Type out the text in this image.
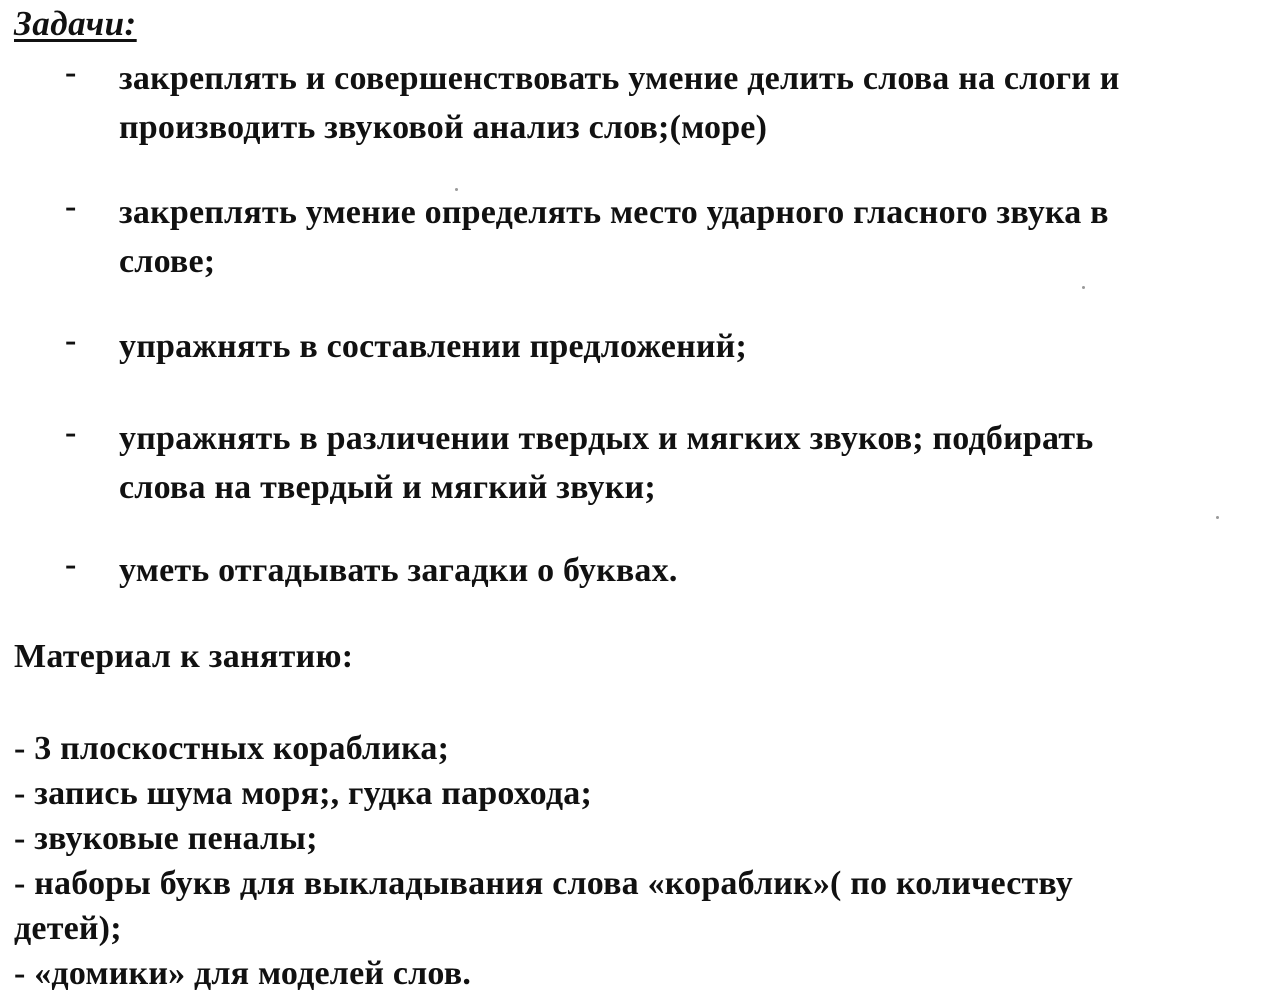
Задачи:
- закреплять и совершенствовать умение делить слова на слоги и
производить звуковой анализ слов;(море)
- закреплять умение определять место ударного гласного звука в
слове;
- упражнять в составлении предложений;
- упражнять в различении твердых и мягких звуков; подбирать
слова на твердый и мягкий звуки;
- уметь отгадывать загадки о буквах.
Материал к занятию:
- 3 плоскостных кораблика;
- запись шума моря;, гудка парохода;
- звуковые пеналы;
- наборы букв для выкладывания слова «кораблик»( по количеству
детей);
- «домики» для моделей слов.
